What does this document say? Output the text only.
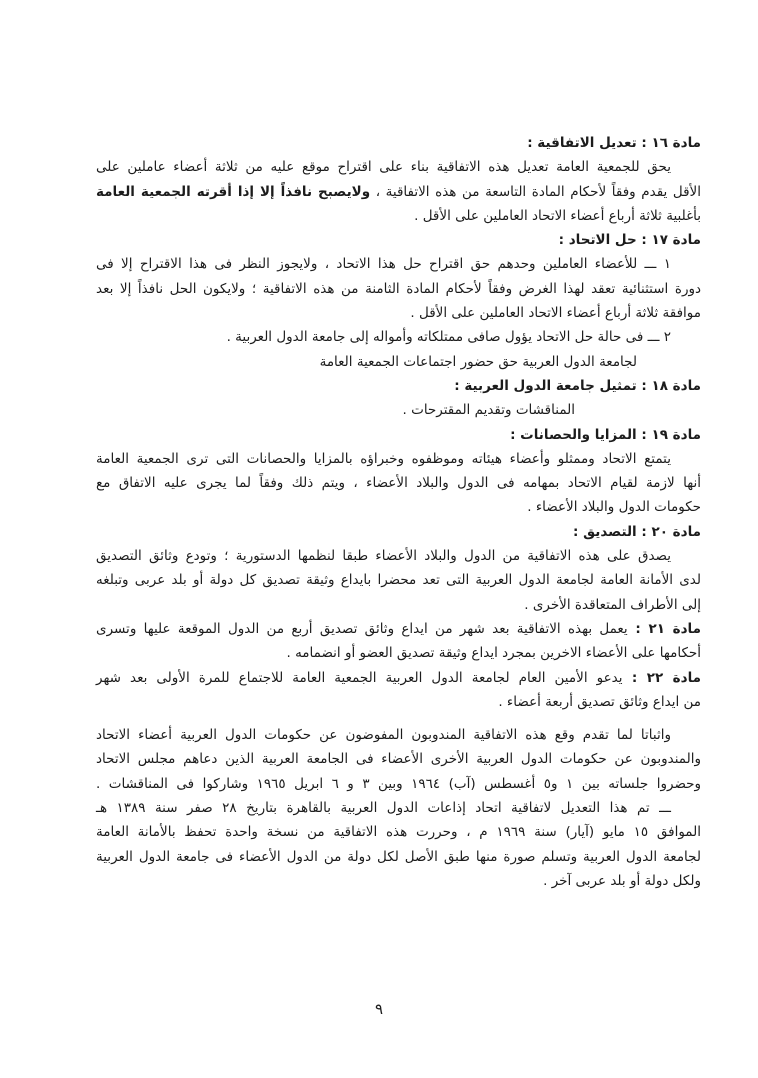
مادة ١٦ : تعديل الاتفاقية :

يحق للجمعية العامة تعديل هذه الاتفاقية بناء على اقتراح موقع عليه من ثلاثة أعضاء عاملين على

الأقل يقدم وفقاً لأحكام المادة التاسعة من هذه الاتفاقية ، ولايصبح نافذاً إلا إذا أقرته الجمعية العامة

بأغلبية ثلاثة أرباع أعضاء الاتحاد العاملين على الأقل .

مادة ١٧ : حل الاتحاد :

١ ـــ للأعضاء العاملين وحدهم حق اقتراح حل هذا الاتحاد ، ولايجوز النظر فى هذا الاقتراح إلا فى

دورة استثنائية تعقد لهذا الغرض وفقاً لأحكام المادة الثامنة من هذه الاتفاقية ؛ ولايكون الحل نافذاً إلا بعد

موافقة ثلاثة أرباع أعضاء الاتحاد العاملين على الأقل .

٢ ـــ فى حالة حل الاتحاد يؤول صافى ممتلكاته وأمواله إلى جامعة الدول العربية .

لجامعة الدول العربية حق حضور اجتماعات الجمعية العامة

مادة ١٨ : تمثيل جامعة الدول العربية :

المناقشات وتقديم المقترحات .

مادة ١٩ : المزايا والحصانات :

يتمتع الاتحاد وممثلو وأعضاء هيئاته وموظفوه وخبراؤه بالمزايا والحصانات التى ترى الجمعية العامة

أنها لازمة لقيام الاتحاد بمهامه فى الدول والبلاد الأعضاء ، ويتم ذلك وفقاً لما يجرى عليه الاتفاق مع

حكومات الدول والبلاد الأعضاء .

مادة ٢٠ : التصديق :

يصدق على هذه الاتفاقية من الدول والبلاد الأعضاء طبقا لنظمها الدستورية ؛ وتودع وثائق التصديق

لدى الأمانة العامة لجامعة الدول العربية التى تعد محضرا بايداع وثيقة تصديق كل دولة أو بلد عربى وتبلغه

إلى الأطراف المتعاقدة الأخرى .

مادة ٢١ : يعمل بهذه الاتفاقية بعد شهر من ايداع وثائق تصديق أربع من الدول الموقعة عليها وتسرى

أحكامها على الأعضاء الاخرين بمجرد ايداع وثيقة تصديق العضو أو انضمامه .

مادة ٢٢ : يدعو الأمين العام لجامعة الدول العربية الجمعية العامة للاجتماع للمرة الأولى بعد شهر

من ايداع وثائق تصديق أربعة أعضاء .

واثباتا لما تقدم وقع هذه الاتفاقية المندوبون المفوضون عن حكومات الدول العربية أعضاء الاتحاد

والمندوبون عن حكومات الدول العربية الأخرى الأعضاء فى الجامعة العربية الذين دعاهم مجلس الاتحاد

وحضروا جلساته بين ١ و٥ أغسطس (آب) ١٩٦٤ وبين ٣ و ٦ ابريل ١٩٦٥ وشاركوا فى المناقشات .

ـــ تم هذا التعديل لاتفاقية اتحاد إذاعات الدول العربية بالقاهرة بتاريخ ٢٨ صفر سنة ١٣٨٩ هـ

الموافق ١٥ مايو (آيار) سنة ١٩٦٩ م ، وحررت هذه الاتفاقية من نسخة واحدة تحفظ بالأمانة العامة

لجامعة الدول العربية وتسلم صورة منها طبق الأصل لكل دولة من الدول الأعضاء فى جامعة الدول العربية

ولكل دولة أو بلد عربى آخر .

٩
